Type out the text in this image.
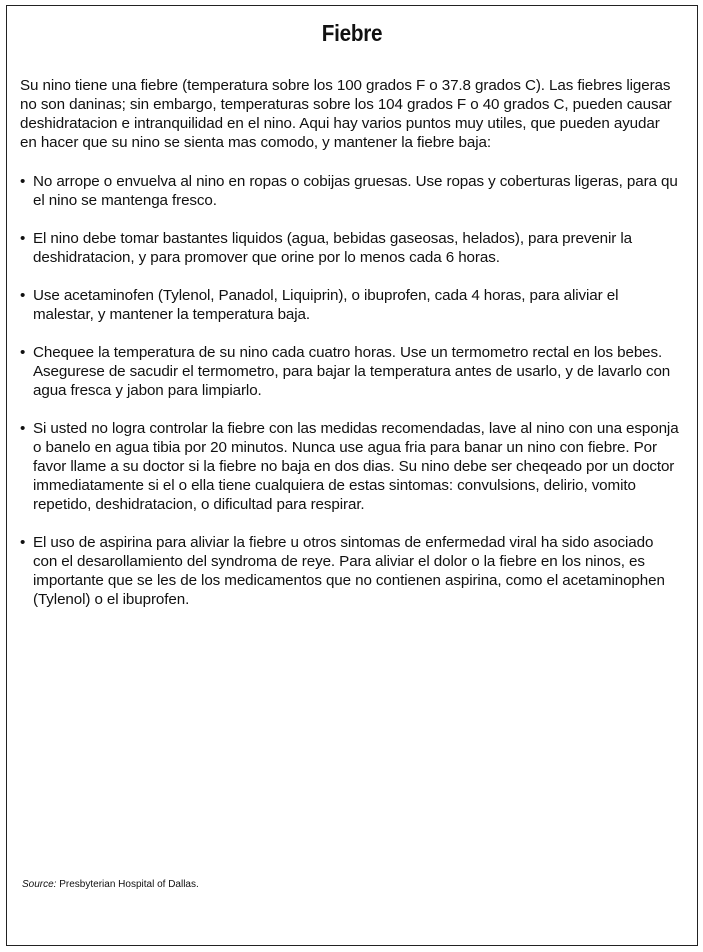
Fiebre

Su nino tiene una fiebre (temperatura sobre los 100 grados F o 37.8 grados C). Las fiebres ligeras no son daninas; sin embargo, temperaturas sobre los 104 grados F o 40 grados C, pueden causar deshidratacion e intranquilidad en el nino. Aqui hay varios puntos muy utiles, que pueden ayudar en hacer que su nino se sienta mas comodo, y mantener la fiebre baja:

• No arrope o envuelva al nino en ropas o cobijas gruesas. Use ropas y coberturas ligeras, para qu el nino se mantenga fresco.
• El nino debe tomar bastantes liquidos (agua, bebidas gaseosas, helados), para prevenir la deshidratacion, y para promover que orine por lo menos cada 6 horas.
• Use acetaminofen (Tylenol, Panadol, Liquiprin), o ibuprofen, cada 4 horas, para aliviar el malestar, y mantener la temperatura baja.
• Chequee la temperatura de su nino cada cuatro horas. Use un termometro rectal en los bebes. Asegurese de sacudir el termometro, para bajar la temperatura antes de usarlo, y de lavarlo con agua fresca y jabon para limpiarlo.
• Si usted no logra controlar la fiebre con las medidas recomendadas, lave al nino con una esponja o banelo en agua tibia por 20 minutos. Nunca use agua fria para banar un nino con fiebre. Por favor llame a su doctor si la fiebre no baja en dos dias. Su nino debe ser cheqeado por un doctor immediatamente si el o ella tiene cualquiera de estas sintomas: convulsions, delirio, vomito repetido, deshidratacion, o dificultad para respirar.
• El uso de aspirina para aliviar la fiebre u otros sintomas de enfermedad viral ha sido asociado con el desarollamiento del syndroma de reye. Para aliviar el dolor o la fiebre en los ninos, es importante que se les de los medicamentos que no contienen aspirina, como el acetaminophen (Tylenol) o el ibuprofen.
Source: Presbyterian Hospital of Dallas.
